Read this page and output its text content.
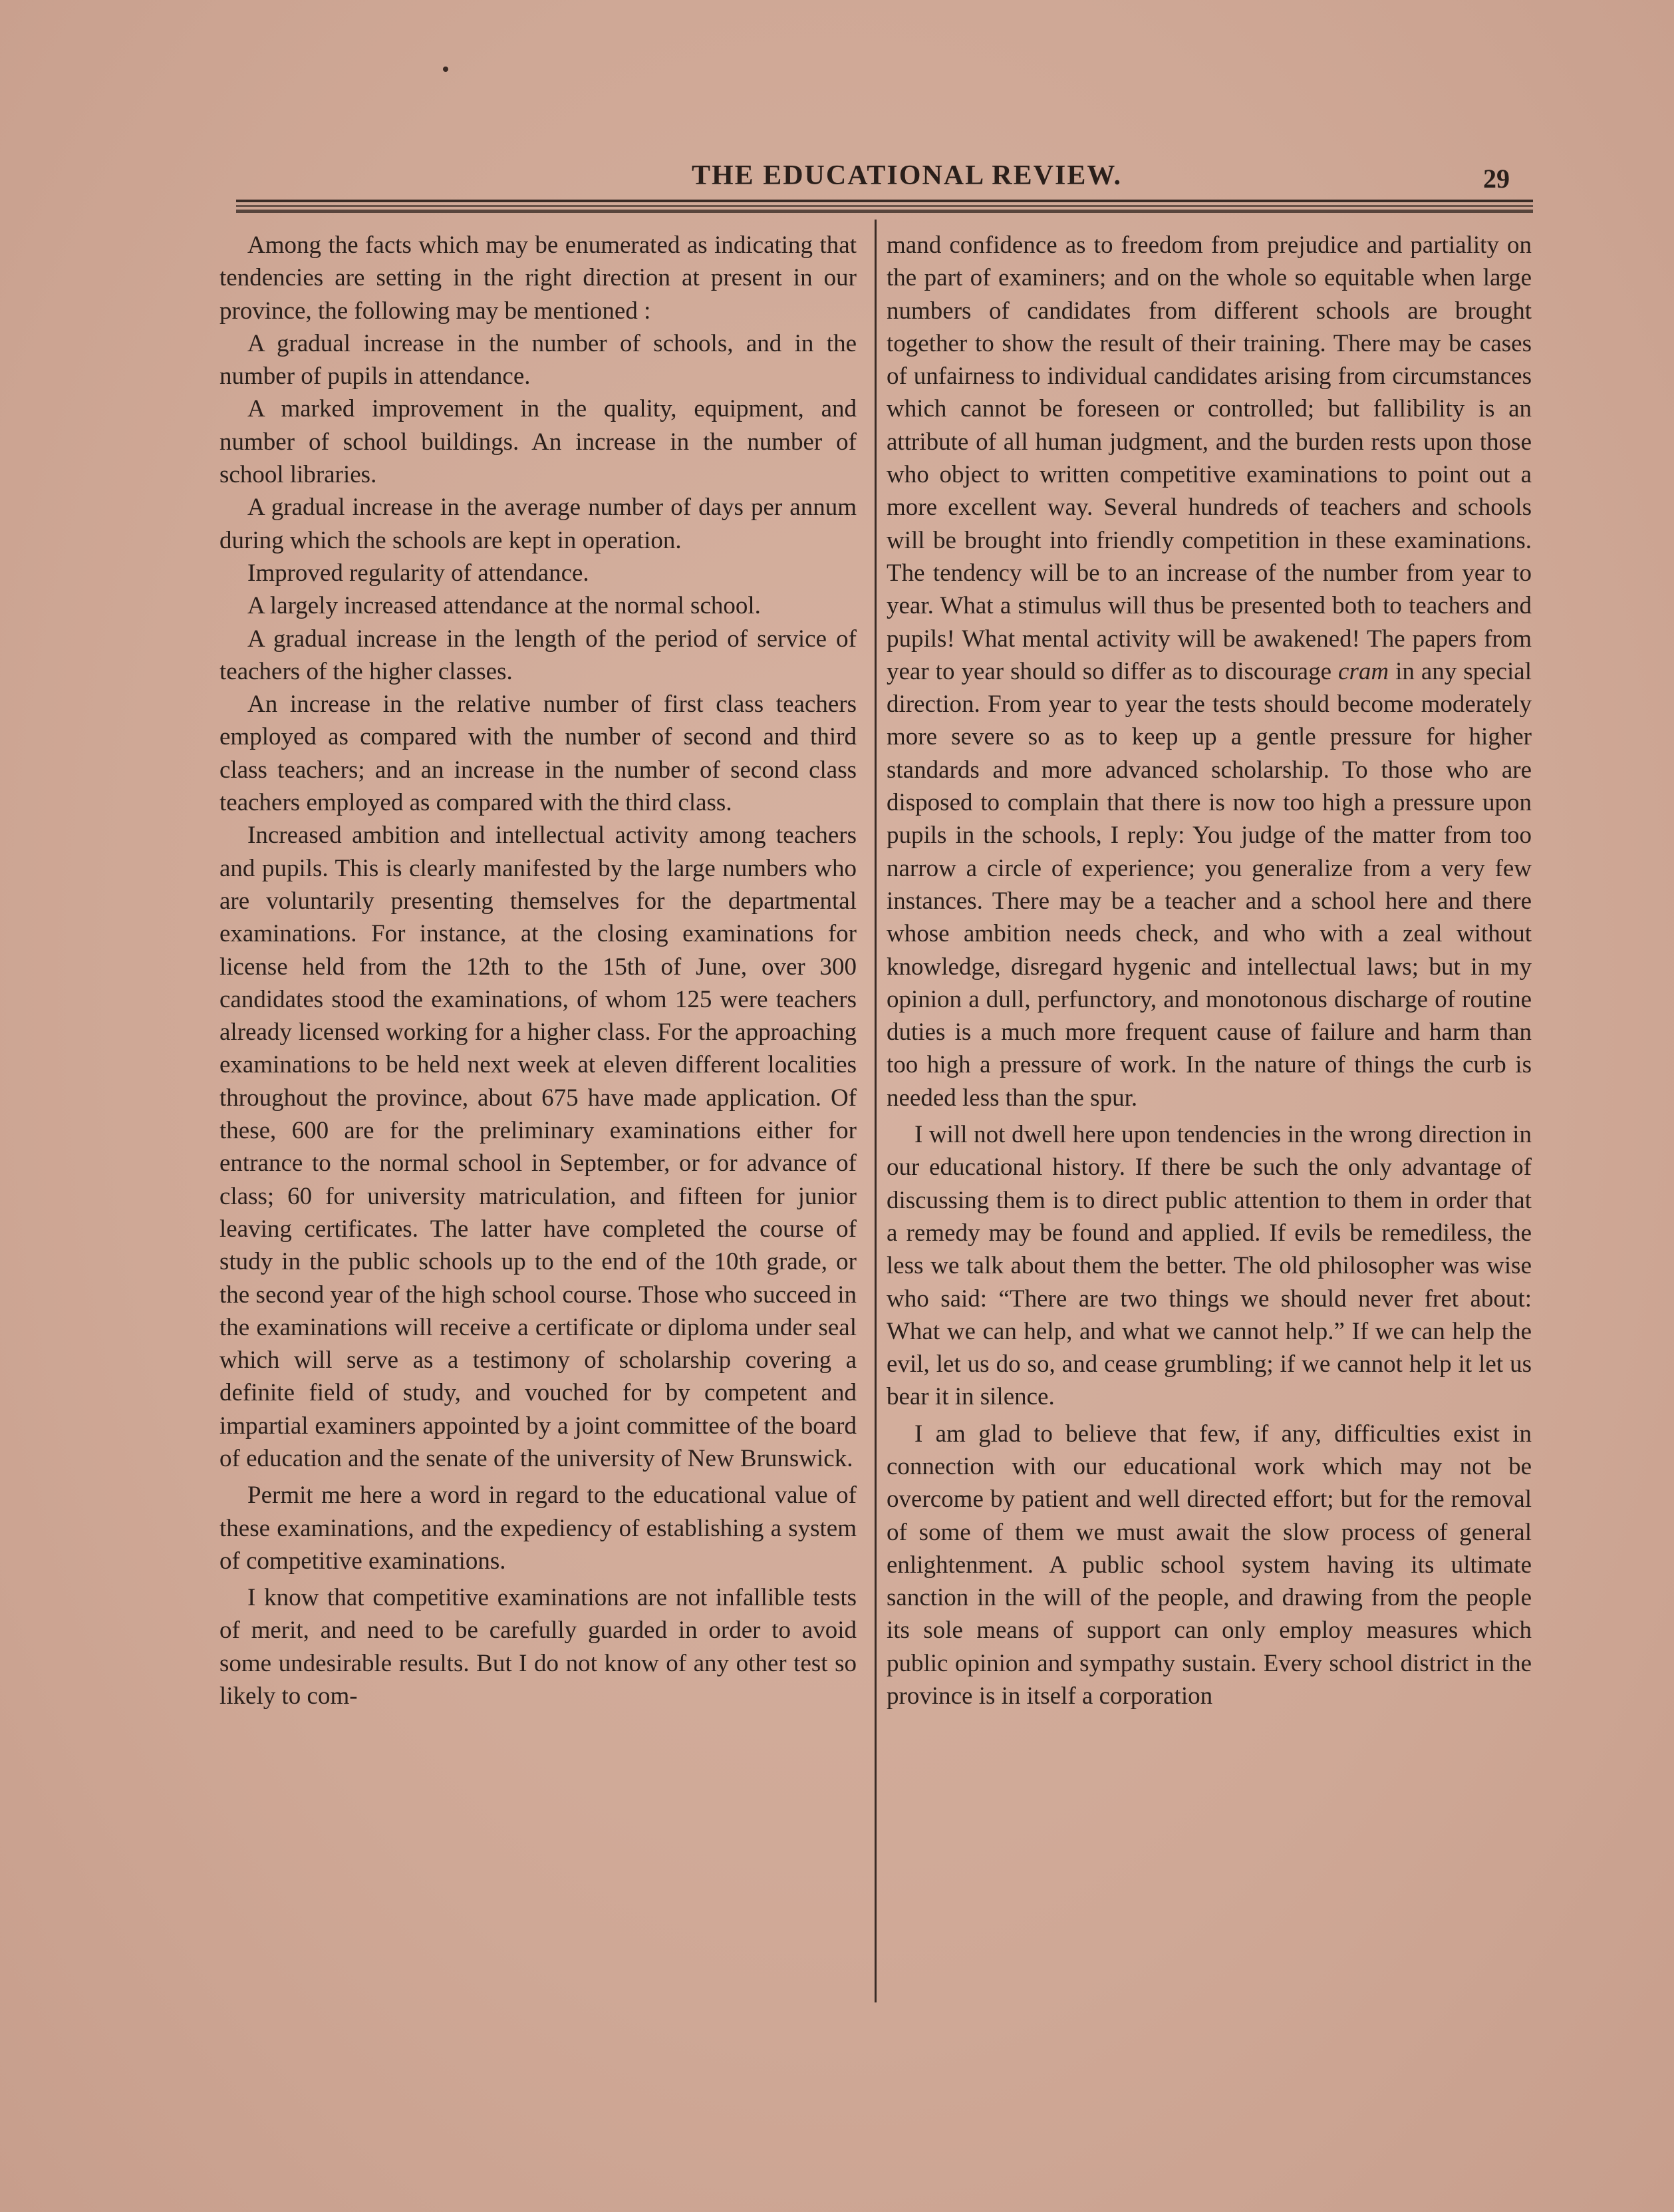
THE EDUCATIONAL REVIEW.	29

Among the facts which may be enumerated as indicating that tendencies are setting in the right direction at present in our province, the following may be mentioned :

A gradual increase in the number of schools, and in the number of pupils in attendance.

A marked improvement in the quality, equipment, and number of school buildings. An increase in the number of school libraries.

A gradual increase in the average number of days per annum during which the schools are kept in operation.

Improved regularity of attendance.

A largely increased attendance at the normal school.

A gradual increase in the length of the period of service of teachers of the higher classes.

An increase in the relative number of first class teachers employed as compared with the number of second and third class teachers; and an increase in the number of second class teachers employed as compared with the third class.

Increased ambition and intellectual activity among teachers and pupils. This is clearly manifested by the large numbers who are voluntarily presenting themselves for the departmental examinations. For instance, at the closing examinations for license held from the 12th to the 15th of June, over 300 candidates stood the examinations, of whom 125 were teachers already licensed working for a higher class. For the approaching examinations to be held next week at eleven different localities throughout the province, about 675 have made application. Of these, 600 are for the preliminary examinations either for entrance to the normal school in September, or for advance of class; 60 for university matriculation, and fifteen for junior leaving certificates. The latter have completed the course of study in the public schools up to the end of the 10th grade, or the second year of the high school course. Those who succeed in the examinations will receive a certificate or diploma under seal which will serve as a testimony of scholarship covering a definite field of study, and vouched for by competent and impartial examiners appointed by a joint committee of the board of education and the senate of the university of New Brunswick.

Permit me here a word in regard to the educational value of these examinations, and the expediency of establishing a system of competitive examinations.

I know that competitive examinations are not infallible tests of merit, and need to be carefully guarded in order to avoid some undesirable results. But I do not know of any other test so likely to com-

mand confidence as to freedom from prejudice and partiality on the part of examiners; and on the whole so equitable when large numbers of candidates from different schools are brought together to show the result of their training. There may be cases of unfairness to individual candidates arising from circumstances which cannot be foreseen or controlled; but fallibility is an attribute of all human judgment, and the burden rests upon those who object to written competitive examinations to point out a more excellent way. Several hundreds of teachers and schools will be brought into friendly competition in these examinations. The tendency will be to an increase of the number from year to year. What a stimulus will thus be presented both to teachers and pupils! What mental activity will be awakened! The papers from year to year should so differ as to discourage cram in any special direction. From year to year the tests should become moderately more severe so as to keep up a gentle pressure for higher standards and more advanced scholarship. To those who are disposed to complain that there is now too high a pressure upon pupils in the schools, I reply: You judge of the matter from too narrow a circle of experience; you generalize from a very few instances. There may be a teacher and a school here and there whose ambition needs check, and who with a zeal without knowledge, disregard hygenic and intellectual laws; but in my opinion a dull, perfunctory, and monotonous discharge of routine duties is a much more frequent cause of failure and harm than too high a pressure of work. In the nature of things the curb is needed less than the spur.

I will not dwell here upon tendencies in the wrong direction in our educational history. If there be such the only advantage of discussing them is to direct public attention to them in order that a remedy may be found and applied. If evils be remediless, the less we talk about them the better. The old philosopher was wise who said: “There are two things we should never fret about: What we can help, and what we cannot help.” If we can help the evil, let us do so, and cease grumbling; if we cannot help it let us bear it in silence.

I am glad to believe that few, if any, difficulties exist in connection with our educational work which may not be overcome by patient and well directed effort; but for the removal of some of them we must await the slow process of general enlightenment. A public school system having its ultimate sanction in the will of the people, and drawing from the people its sole means of support can only employ measures which public opinion and sympathy sustain. Every school district in the province is in itself a corporation
